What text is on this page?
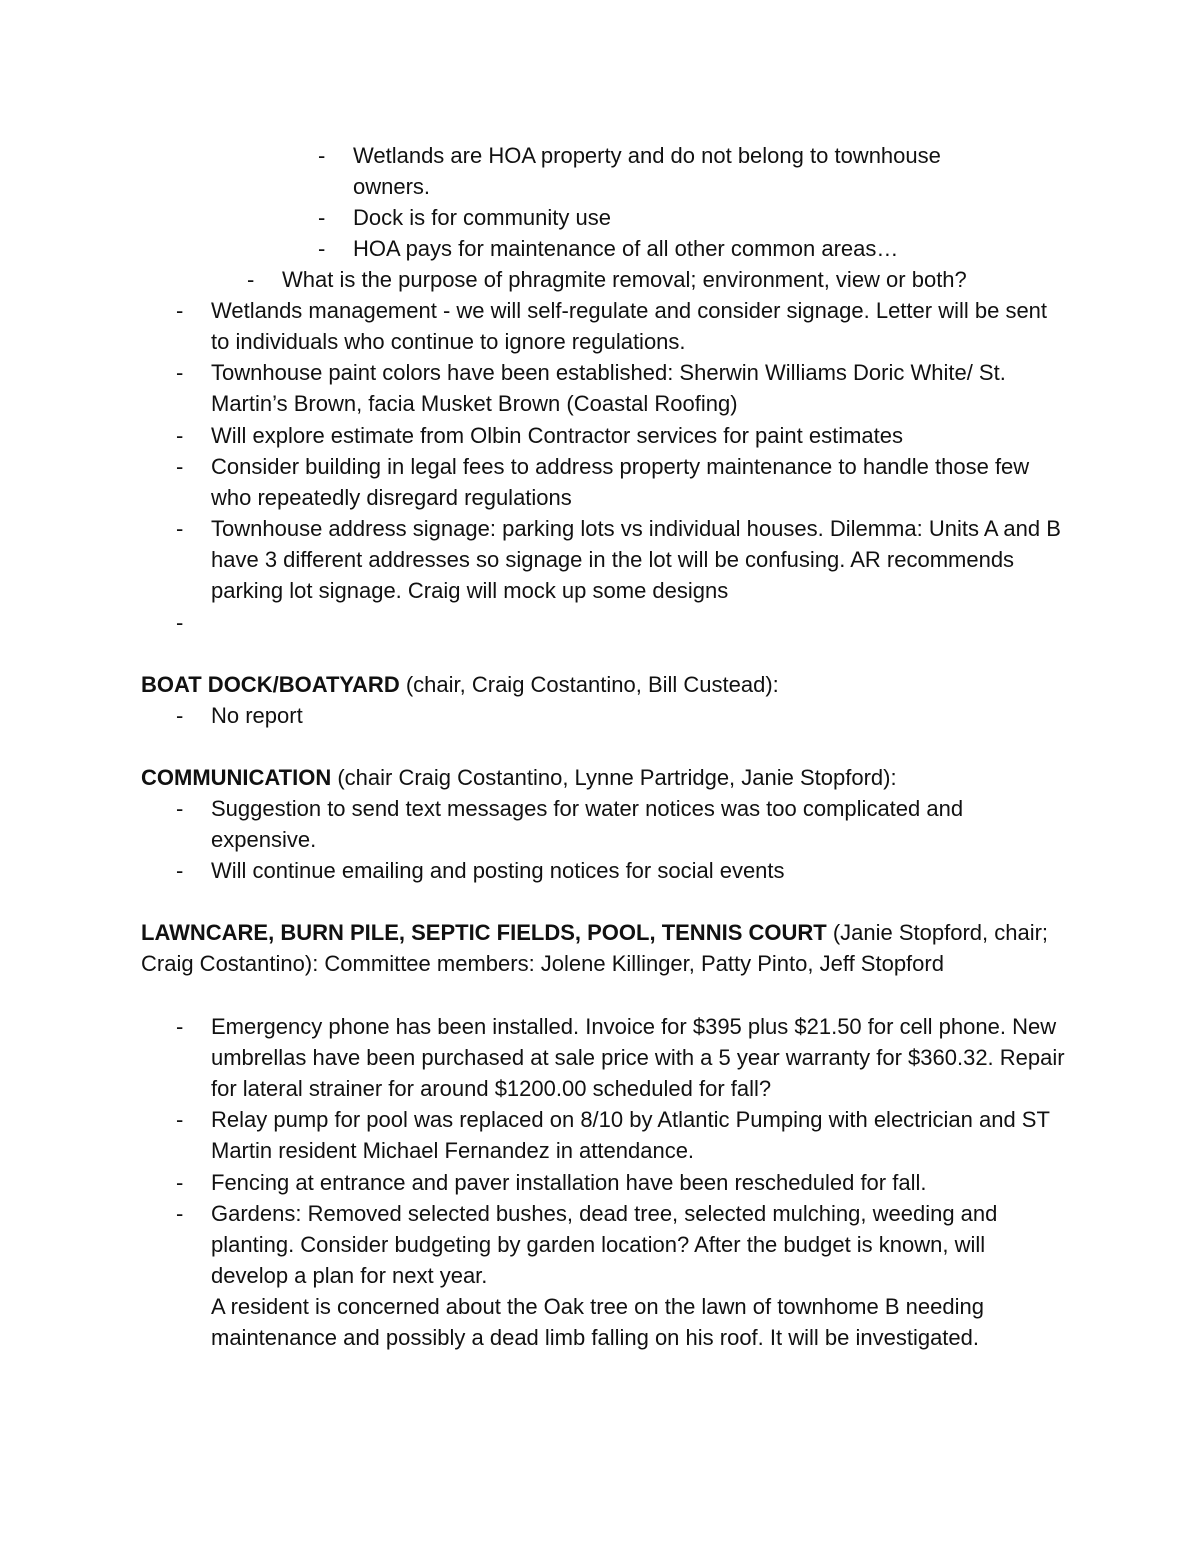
- Wetlands are HOA property and do not belong to townhouse owners.
- Dock is for community use
- HOA pays for maintenance of all other common areas…
- What is the purpose of phragmite removal; environment, view or both?
- Wetlands management - we will self-regulate and consider signage. Letter will be sent to individuals who continue to ignore regulations.
- Townhouse paint colors have been established: Sherwin Williams Doric White/ St. Martin’s Brown, facia Musket Brown (Coastal Roofing)
- Will explore estimate from Olbin Contractor services for paint estimates
- Consider building in legal fees to address property maintenance to handle those few who repeatedly disregard regulations
- Townhouse address signage: parking lots vs individual houses. Dilemma: Units A and B have 3 different addresses so signage in the lot will be confusing. AR recommends parking lot signage. Craig will mock up some designs
-
BOAT DOCK/BOATYARD (chair, Craig Costantino, Bill Custead):
- No report
COMMUNICATION (chair Craig Costantino, Lynne Partridge, Janie Stopford):
- Suggestion to send text messages for water notices was too complicated and expensive.
- Will continue emailing and posting notices for social events
LAWNCARE, BURN PILE, SEPTIC FIELDS, POOL, TENNIS COURT (Janie Stopford, chair; Craig Costantino): Committee members: Jolene Killinger, Patty Pinto, Jeff Stopford
- Emergency phone has been installed. Invoice for $395 plus $21.50 for cell phone. New umbrellas have been purchased at sale price with a 5 year warranty for $360.32. Repair for lateral strainer for around $1200.00 scheduled for fall?
- Relay pump for pool was replaced on 8/10 by Atlantic Pumping with electrician and ST Martin resident Michael Fernandez in attendance.
- Fencing at entrance and paver installation have been rescheduled for fall.
- Gardens: Removed selected bushes, dead tree, selected mulching, weeding and planting. Consider budgeting by garden location? After the budget is known, will develop a plan for next year.
A resident is concerned about the Oak tree on the lawn of townhome B needing maintenance and possibly a dead limb falling on his roof. It will be investigated.
